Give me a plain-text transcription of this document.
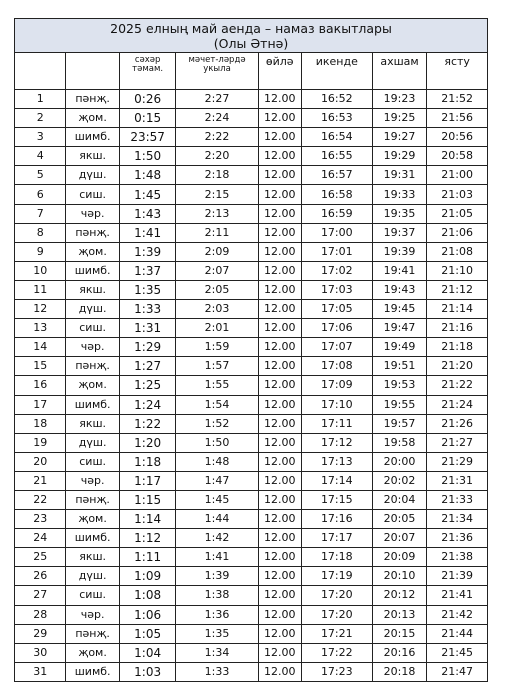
2025 елның май аенда – намаз вакытлары
(Олы Әтнә)							

		сәхәр тәмам.	мәчет-ләрдә укыла	өйлә	икенде	ахшам	ясту
1	пәнҗ.	0:26	2:27	12.00	16:52	19:23	21:52
2	җом.	0:15	2:24	12.00	16:53	19:25	21:56
3	шимб.	23:57	2:22	12.00	16:54	19:27	20:56
4	якш.	1:50	2:20	12.00	16:55	19:29	20:58
5	дүш.	1:48	2:18	12.00	16:57	19:31	21:00
6	сиш.	1:45	2:15	12.00	16:58	19:33	21:03
7	чәр.	1:43	2:13	12.00	16:59	19:35	21:05
8	пәнҗ.	1:41	2:11	12.00	17:00	19:37	21:06
9	җом.	1:39	2:09	12.00	17:01	19:39	21:08
10	шимб.	1:37	2:07	12.00	17:02	19:41	21:10
11	якш.	1:35	2:05	12.00	17:03	19:43	21:12
12	дүш.	1:33	2:03	12.00	17:05	19:45	21:14
13	сиш.	1:31	2:01	12.00	17:06	19:47	21:16
14	чәр.	1:29	1:59	12.00	17:07	19:49	21:18
15	пәнҗ.	1:27	1:57	12.00	17:08	19:51	21:20
16	җом.	1:25	1:55	12.00	17:09	19:53	21:22
17	шимб.	1:24	1:54	12.00	17:10	19:55	21:24
18	якш.	1:22	1:52	12.00	17:11	19:57	21:26
19	дүш.	1:20	1:50	12.00	17:12	19:58	21:27
20	сиш.	1:18	1:48	12.00	17:13	20:00	21:29
21	чәр.	1:17	1:47	12.00	17:14	20:02	21:31
22	пәнҗ.	1:15	1:45	12.00	17:15	20:04	21:33
23	җом.	1:14	1:44	12.00	17:16	20:05	21:34
24	шимб.	1:12	1:42	12.00	17:17	20:07	21:36
25	якш.	1:11	1:41	12.00	17:18	20:09	21:38
26	дүш.	1:09	1:39	12.00	17:19	20:10	21:39
27	сиш.	1:08	1:38	12.00	17:20	20:12	21:41
28	чәр.	1:06	1:36	12.00	17:20	20:13	21:42
29	пәнҗ.	1:05	1:35	12.00	17:21	20:15	21:44
30	җом.	1:04	1:34	12.00	17:22	20:16	21:45
31	шимб.	1:03	1:33	12.00	17:23	20:18	21:47
